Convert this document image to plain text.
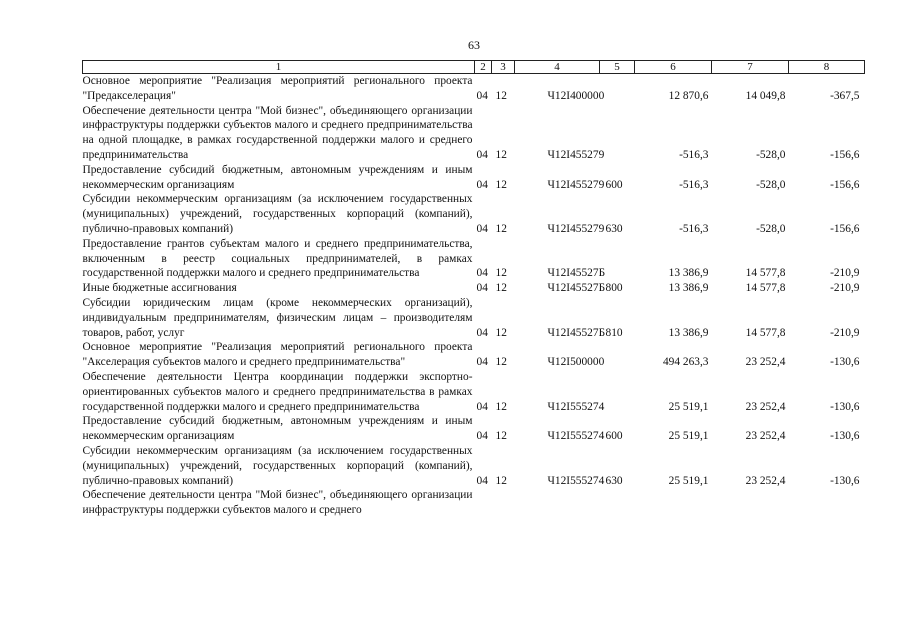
63
1	2	3	4	5	6	7	8
Основное мероприятие "Реализация мероприятий регионального проекта "Предакселерация"	04	12	Ч12I400000		12 870,6	14 049,8	-367,5
Обеспечение деятельности центра "Мой бизнес", объединяющего организации инфраструктуры поддержки субъектов малого и среднего предпринимательства на одной площадке, в рамках государственной поддержки малого и среднего предпринимательства	04	12	Ч12I455279		-516,3	-528,0	-156,6
Предоставление субсидий бюджетным, автономным учреждениям и иным некоммерческим организациям	04	12	Ч12I455279	600	-516,3	-528,0	-156,6
Субсидии некоммерческим организациям (за исключением государственных (муниципальных) учреждений, государственных корпораций (компаний), публично-правовых компаний)	04	12	Ч12I455279	630	-516,3	-528,0	-156,6
Предоставление грантов субъектам малого и среднего предпринимательства, включенным в реестр социальных предпринимателей, в рамках государственной поддержки малого и среднего предпринимательства	04	12	Ч12I45527Б		13 386,9	14 577,8	-210,9
Иные бюджетные ассигнования	04	12	Ч12I45527Б	800	13 386,9	14 577,8	-210,9
Субсидии юридическим лицам (кроме некоммерческих организаций), индивидуальным предпринимателям, физическим лицам – производителям товаров, работ, услуг	04	12	Ч12I45527Б	810	13 386,9	14 577,8	-210,9
Основное мероприятие "Реализация мероприятий регионального проекта "Акселерация субъектов малого и среднего предпринимательства"	04	12	Ч12I500000		494 263,3	23 252,4	-130,6
Обеспечение деятельности Центра координации поддержки экспортно-ориентированных субъектов малого и среднего предпринимательства в рамках государственной поддержки малого и среднего предпринимательства	04	12	Ч12I555274		25 519,1	23 252,4	-130,6
Предоставление субсидий бюджетным, автономным учреждениям и иным некоммерческим организациям	04	12	Ч12I555274	600	25 519,1	23 252,4	-130,6
Субсидии некоммерческим организациям (за исключением государственных (муниципальных) учреждений, государственных корпораций (компаний), публично-правовых компаний)	04	12	Ч12I555274	630	25 519,1	23 252,4	-130,6
Обеспечение деятельности центра "Мой бизнес", объединяющего организации инфраструктуры поддержки субъектов малого и среднего							
